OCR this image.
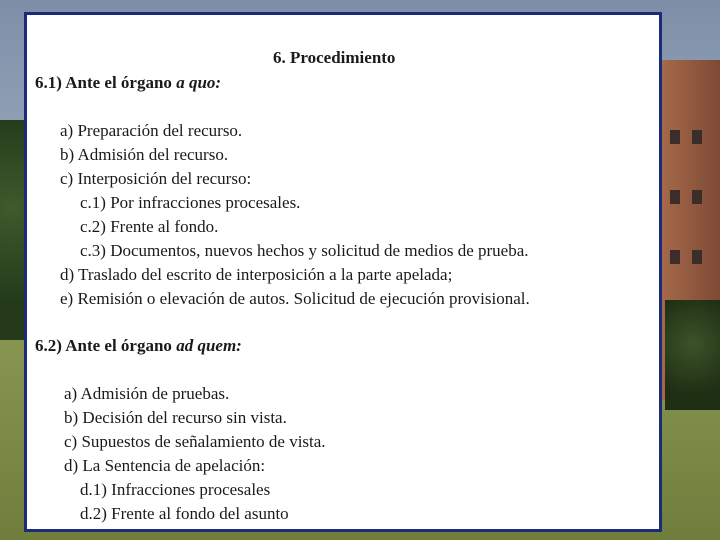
6. Procedimiento
6.1) Ante el órgano a quo:
a) Preparación del recurso.
b) Admisión del recurso.
c) Interposición del recurso:
c.1) Por infracciones procesales.
c.2) Frente al fondo.
c.3) Documentos, nuevos hechos y solicitud de medios de prueba.
d) Traslado del escrito de interposición a la parte apelada;
e) Remisión o elevación de autos. Solicitud de ejecución provisional.
6.2) Ante el órgano ad quem:
a) Admisión de pruebas.
b) Decisión del recurso sin vista.
c) Supuestos de señalamiento de vista.
d) La Sentencia de apelación:
d.1) Infracciones procesales
d.2) Frente al fondo del asunto
